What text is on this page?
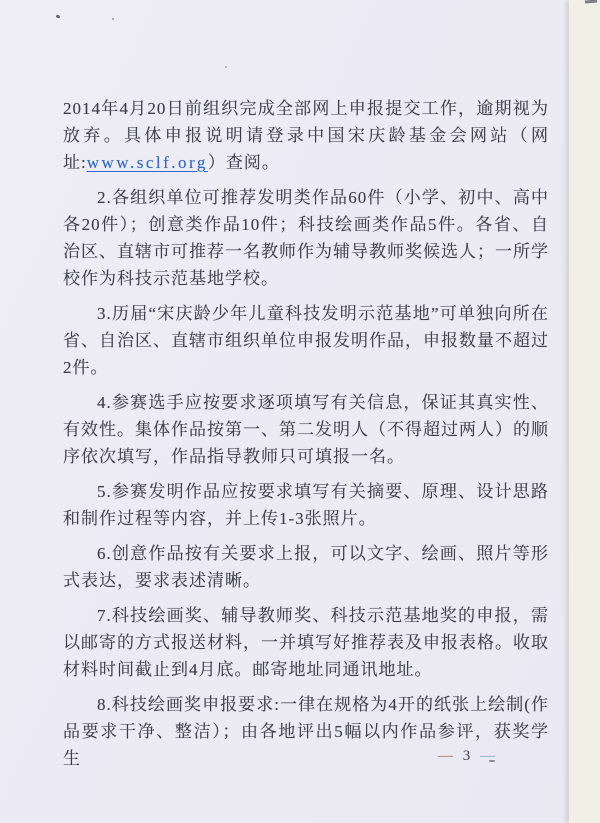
2014年4月20日前组织完成全部网上申报提交工作，逾期视为放弃。具体申报说明请登录中国宋庆龄基金会网站（网址:www.sclf.org）查阅。

2.各组织单位可推荐发明类作品60件（小学、初中、高中各20件）；创意类作品10件；科技绘画类作品5件。各省、自治区、直辖市可推荐一名教师作为辅导教师奖候选人；一所学校作为科技示范基地学校。

3.历届“宋庆龄少年儿童科技发明示范基地”可单独向所在省、自治区、直辖市组织单位申报发明作品，申报数量不超过2件。

4.参赛选手应按要求逐项填写有关信息，保证其真实性、有效性。集体作品按第一、第二发明人（不得超过两人）的顺序依次填写，作品指导教师只可填报一名。

5.参赛发明作品应按要求填写有关摘要、原理、设计思路和制作过程等内容，并上传1-3张照片。

6.创意作品按有关要求上报，可以文字、绘画、照片等形式表达，要求表述清晰。

7.科技绘画奖、辅导教师奖、科技示范基地奖的申报，需以邮寄的方式报送材料，一并填写好推荐表及申报表格。收取材料时间截止到4月底。邮寄地址同通讯地址。

8.科技绘画奖申报要求:一律在规格为4开的纸张上绘制(作品要求干净、整洁）；由各地评出5幅以内作品参评，获奖学生	— 3 —
